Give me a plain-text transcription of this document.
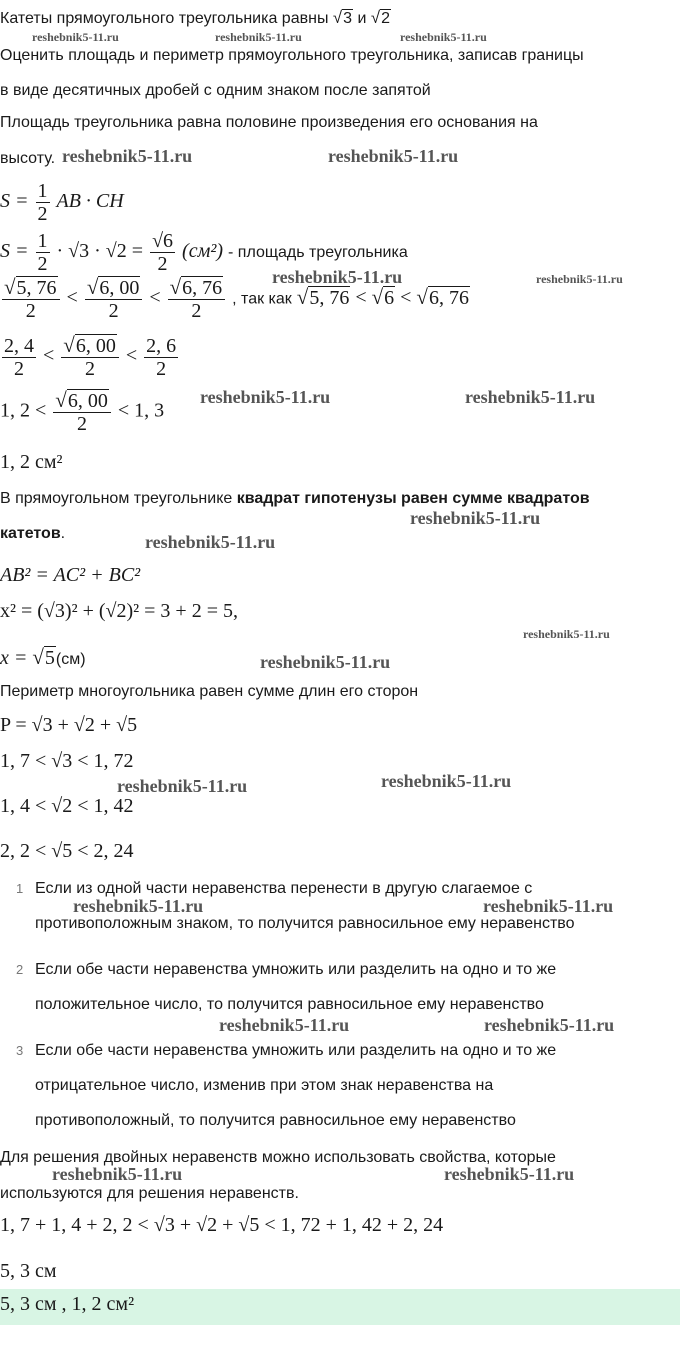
Катеты прямоугольного треугольника равны √3 и √2
Оценить площадь и периметр прямоугольного треугольника, записав границы
в виде десятичных дробей с одним знаком после запятой
Площадь треугольника равна половине произведения его основания на
высоту.
$S = \frac{1}{2}$ AB · CH
$S = \frac{1}{2} \cdot √3 \cdot √2 = \frac{√6}{2} (см^2)$ - площадь треугольника
$\frac{√5, 76}{2} < \frac{√6, 00}{2} < \frac{√6, 76}{2}$ , так как √5, 76 < √6 < √6, 76
$\frac{2, 4}{2} < \frac{√6, 00}{2} < \frac{2, 6}{2}$
1, $2 < \frac{√6, 00}{2} < 1$, 3
1, 2 см²
В прямоугольном треугольнике квадрат гипотенузы равен сумме квадратов
катетов.
AB² = AC² + BC²
x² = (√3)² + (√2)² = 3 + 2 = 5,
x = √5(см)
Периметр многоугольника равен сумме длин его сторон
P = √3 + √2 + √5
1, 7 < √3 < 1, 72
1, 4 < √2 < 1, 42
2, 2 < √5 < 2, 24
1 Если из одной части неравенства перенести в другую слагаемое с
противоположным знаком, то получится равносильное ему неравенство
2 Если обе части неравенства умножить или разделить на одно и то же
положительное число, то получится равносильное ему неравенство
3 Если обе части неравенства умножить или разделить на одно и то же
отрицательное число, изменив при этом знак неравенства на
противоположный, то получится равносильное ему неравенство
Для решения двойных неравенств можно использовать свойства, которые
используются для решения неравенств.
1, 7 + 1, 4 + 2, 2 < √3 + √2 + √5 < 1, 72 + 1, 42 + 2, 24
5, 3 см
5, 3 см , 1, 2 см²
reshebnik5-11.ru	reshebnik5-11.ru	reshebnik5-11.ru
reshebnik5-11.ru	reshebnik5-11.ru
reshebnik5-11.ru	reshebnik5-11.ru
reshebnik5-11.ru	reshebnik5-11.ru
reshebnik5-11.ru
reshebnik5-11.ru
reshebnik5-11.ru
reshebnik5-11.ru
reshebnik5-11.ru	reshebnik5-11.ru
reshebnik5-11.ru	reshebnik5-11.ru
reshebnik5-11.ru	reshebnik5-11.ru
reshebnik5-11.ru	reshebnik5-11.ru
